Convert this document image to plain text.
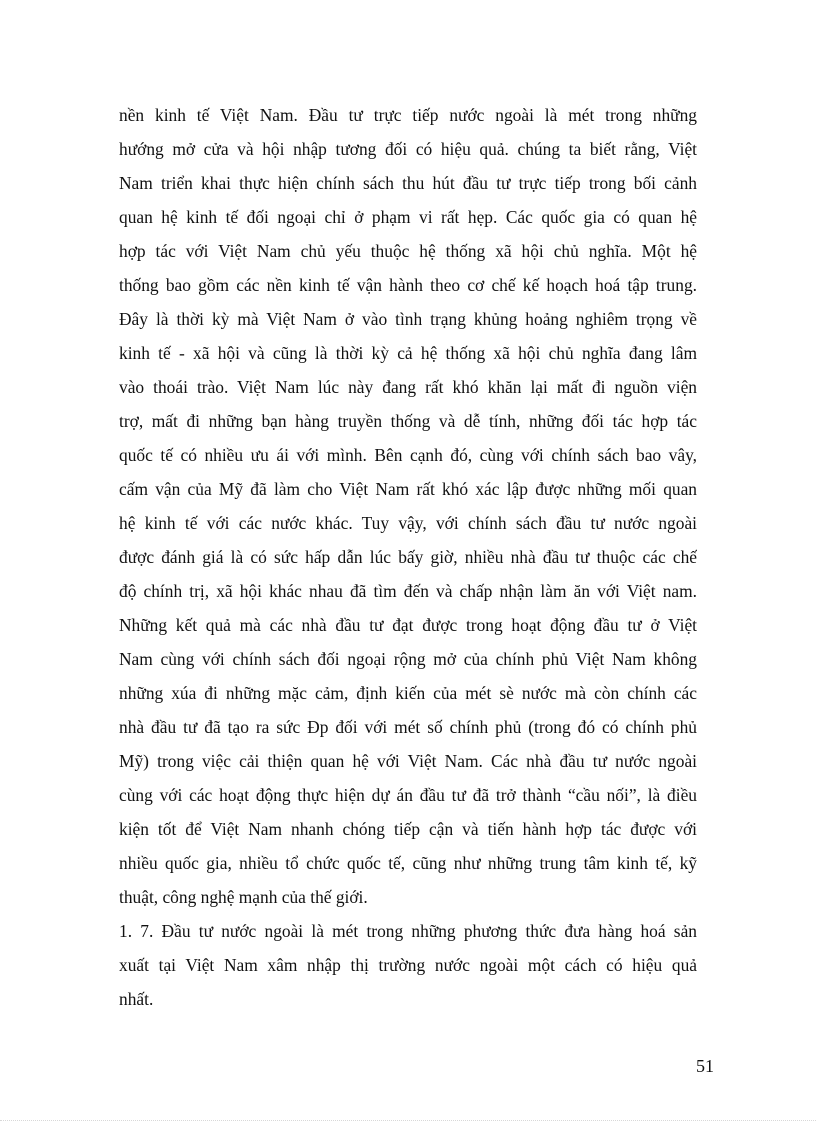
nền kinh tế Việt Nam. Đầu tư trực tiếp nước ngoài là mét trong những
hướng mở cửa và hội nhập tương đối có hiệu quả. chúng ta biết rằng, Việt
Nam triển khai thực hiện chính sách thu hút đầu tư trực tiếp trong bối cảnh
quan hệ kinh tế đối ngoại chỉ ở phạm vi rất hẹp. Các quốc gia có quan hệ
hợp tác với Việt Nam chủ yếu thuộc hệ thống xã hội chủ nghĩa. Một hệ
thống bao gồm các nền kinh tế vận hành theo cơ chế kế hoạch hoá tập trung.
Đây là thời kỳ mà Việt Nam ở vào tình trạng khủng hoảng nghiêm trọng về
kinh tế - xã hội và cũng là thời kỳ cả hệ thống xã hội chủ nghĩa đang lâm
vào thoái trào. Việt Nam lúc này đang rất khó khăn lại mất đi nguồn viện
trợ, mất đi những bạn hàng truyền thống và dễ tính, những đối tác hợp tác
quốc tế có nhiều ưu ái với mình. Bên cạnh đó, cùng với chính sách bao vây,
cấm vận của Mỹ đã làm cho Việt Nam rất khó xác lập được những mối quan
hệ kinh tế với các nước khác. Tuy vậy, với chính sách đầu tư nước ngoài
được đánh giá là có sức hấp dẫn lúc bấy giờ, nhiều nhà đầu tư thuộc các chế
độ chính trị, xã hội khác nhau đã tìm đến và chấp nhận làm ăn với Việt nam.
Những kết quả mà các nhà đầu tư đạt được trong hoạt động đầu tư ở Việt
Nam cùng với chính sách đối ngoại rộng mở của chính phủ Việt Nam không
những xúa đi những mặc cảm, định kiến của mét sè nước mà còn chính các
nhà đầu tư đã tạo ra sức Đp đối với mét số chính phủ (trong đó có chính phủ
Mỹ) trong việc cải thiện quan hệ với Việt Nam. Các nhà đầu tư nước ngoài
cùng với các hoạt động thực hiện dự án đầu tư đã trở thành “cầu nối”, là điều
kiện tốt để Việt Nam nhanh chóng tiếp cận và tiến hành hợp tác được với
nhiều quốc gia, nhiều tổ chức quốc tế, cũng như những trung tâm kinh tế, kỹ
thuật, công nghệ mạnh của thế giới.
1. 7. Đầu tư nước ngoài là mét trong những phương thức đưa hàng hoá sản
xuất tại Việt Nam xâm nhập thị trường nước ngoài một cách có hiệu quả
nhất.
51
